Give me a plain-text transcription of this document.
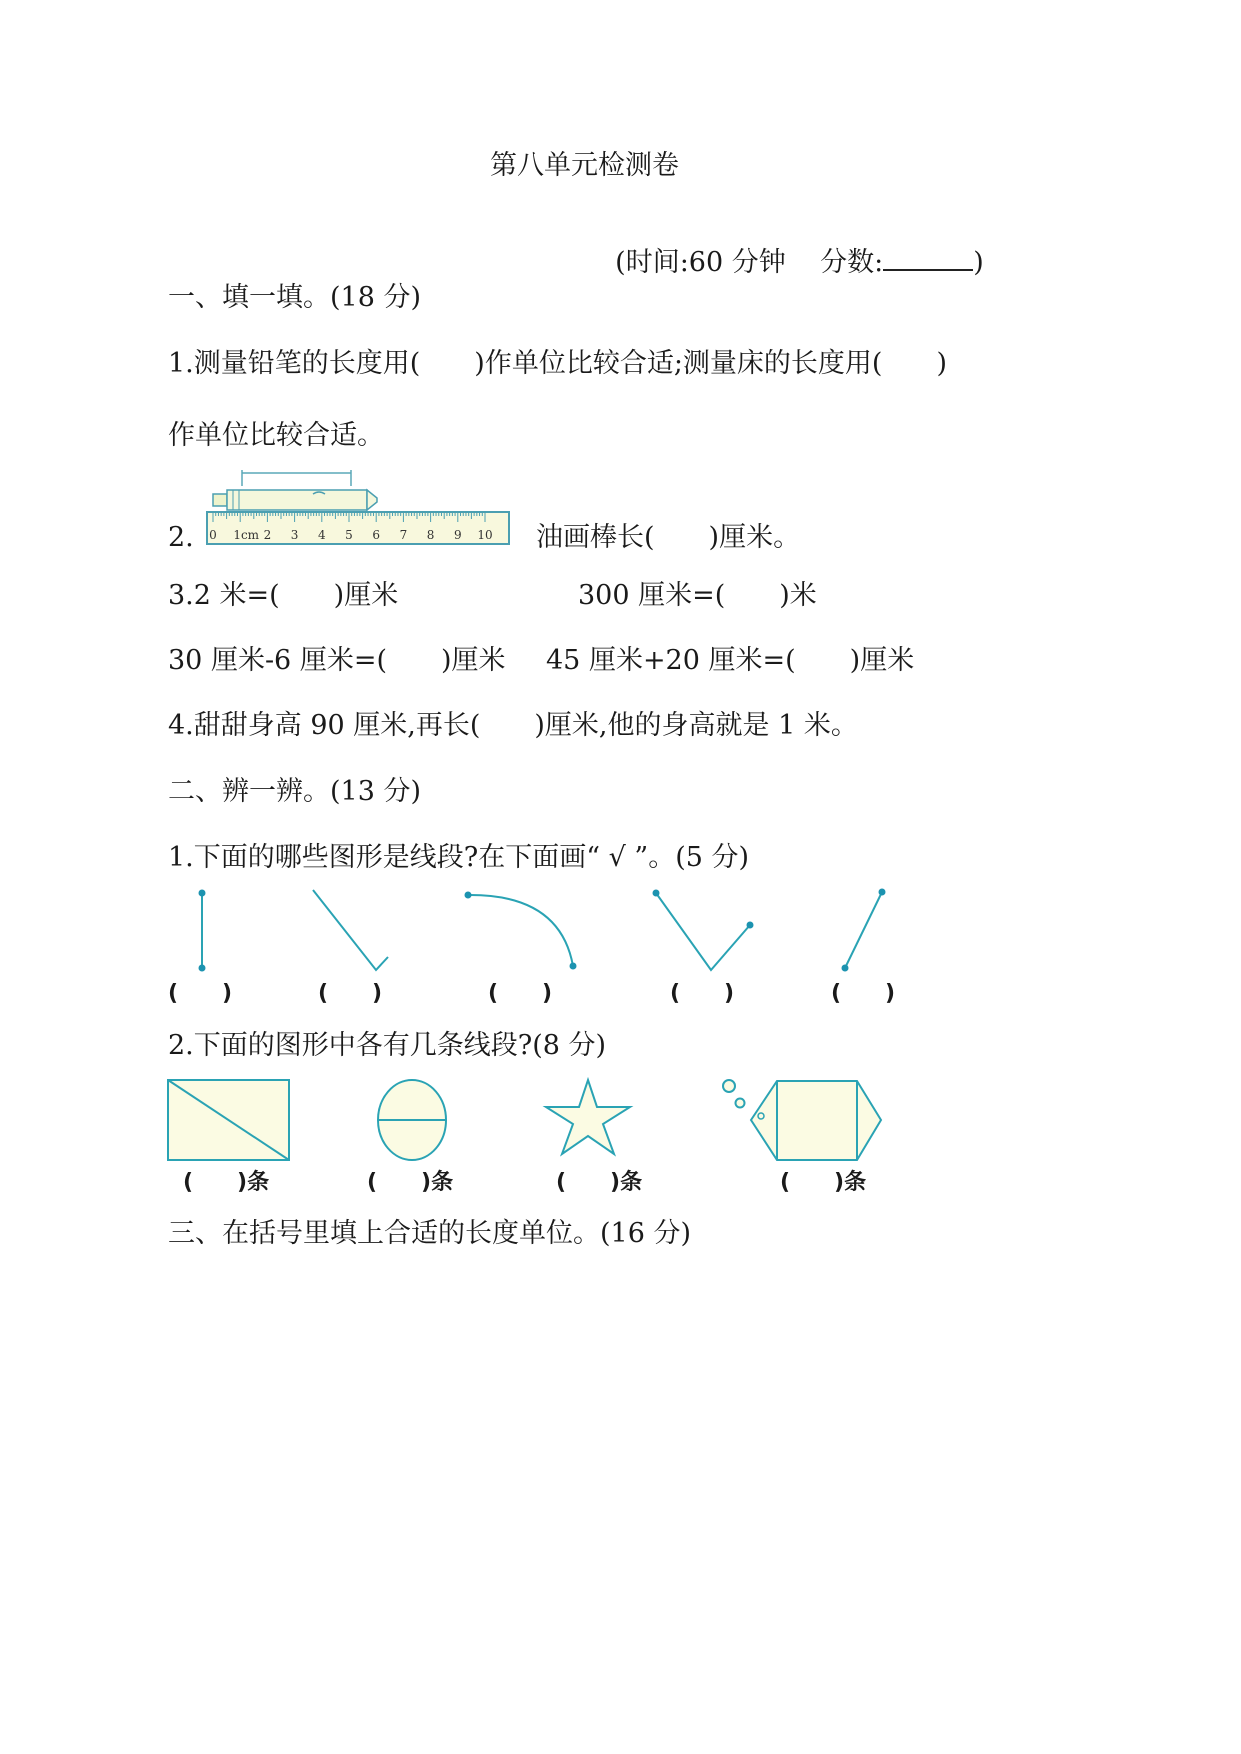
第八单元检测卷

(时间:60 分钟 分数:	)

一、填一填。(18 分)
1.测量铅笔的长度用(　　)作单位比较合适;测量床的长度用(　　)
作单位比较合适。
2. 0 1cm 2 3 4 5 6 7 8 9 10 油画棒长(　　)厘米。
3.2 米=(　　)厘米	300 厘米=(　　)米
30 厘米-6 厘米=(　　)厘米 45 厘米+20 厘米=(　　)厘米
4.甜甜身高 90 厘米,再长(　　)厘米,他的身高就是 1 米。
二、辨一辨。(13 分)
1.下面的哪些图形是线段?在下面画“ √ ”。(5 分)
(　　)	(　　)	(　　)	(　　)	(　　)
2.下面的图形中各有几条线段?(8 分)
(　　)条	(　　)条	(　　)条	(　　)条
三、在括号里填上合适的长度单位。(16 分)
